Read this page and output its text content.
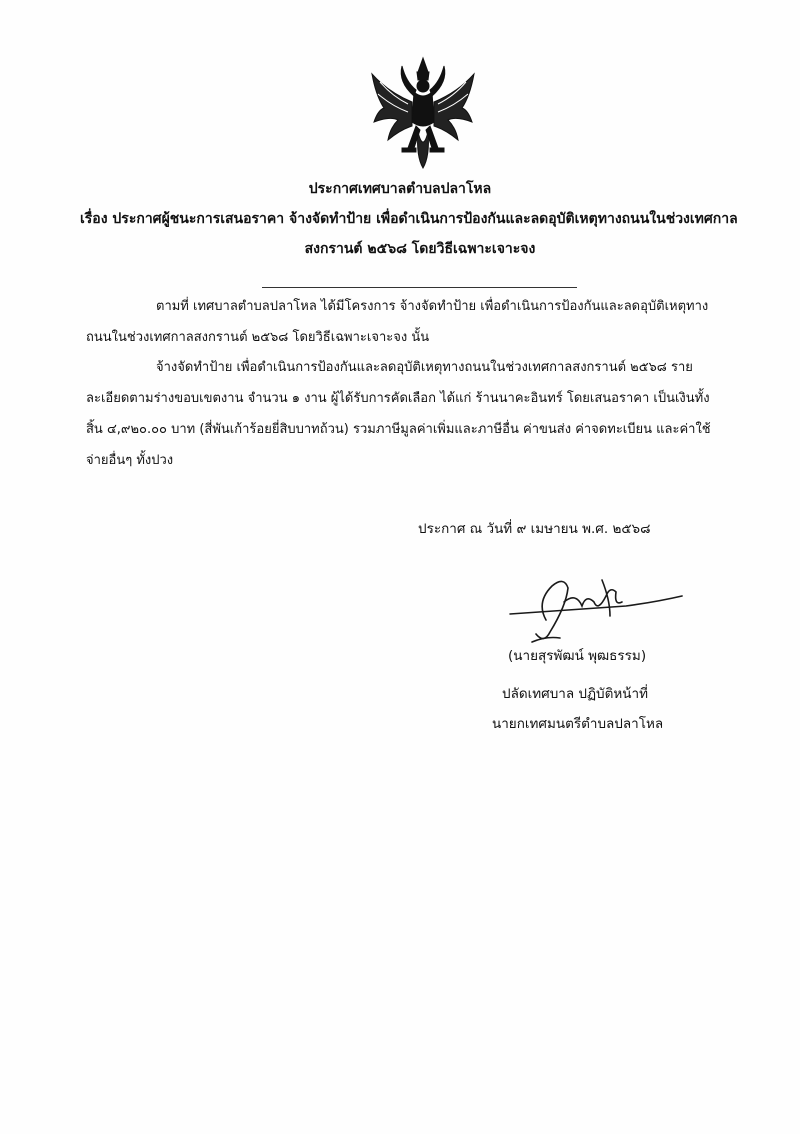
ประกาศเทศบาลตำบลปลาโหล
เรื่อง ประกาศผู้ชนะการเสนอราคา จ้างจัดทำป้าย เพื่อดำเนินการป้องกันและลดอุบัติเหตุทางถนนในช่วงเทศกาล
สงกรานต์ ๒๕๖๘ โดยวิธีเฉพาะเจาะจง
ตามที่ เทศบาลตำบลปลาโหล ได้มีโครงการ จ้างจัดทำป้าย เพื่อดำเนินการป้องกันและลดอุบัติเหตุทาง
ถนนในช่วงเทศกาลสงกรานต์ ๒๕๖๘ โดยวิธีเฉพาะเจาะจง นั้น
จ้างจัดทำป้าย เพื่อดำเนินการป้องกันและลดอุบัติเหตุทางถนนในช่วงเทศกาลสงกรานต์ ๒๕๖๘ ราย
ละเอียดตามร่างขอบเขตงาน จำนวน ๑ งาน ผู้ได้รับการคัดเลือก ได้แก่ ร้านนาคะอินทร์ โดยเสนอราคา เป็นเงินทั้ง
สิ้น ๔,๙๒๐.๐๐ บาท (สี่พันเก้าร้อยยี่สิบบาทถ้วน) รวมภาษีมูลค่าเพิ่มและภาษีอื่น ค่าขนส่ง ค่าจดทะเบียน และค่าใช้
จ่ายอื่นๆ ทั้งปวง
ประกาศ ณ วันที่ ๙ เมษายน พ.ศ. ๒๕๖๘
(นายสุรพัฒน์ พุฒธรรม)
ปลัดเทศบาล ปฏิบัติหน้าที่
นายกเทศมนตรีตำบลปลาโหล
